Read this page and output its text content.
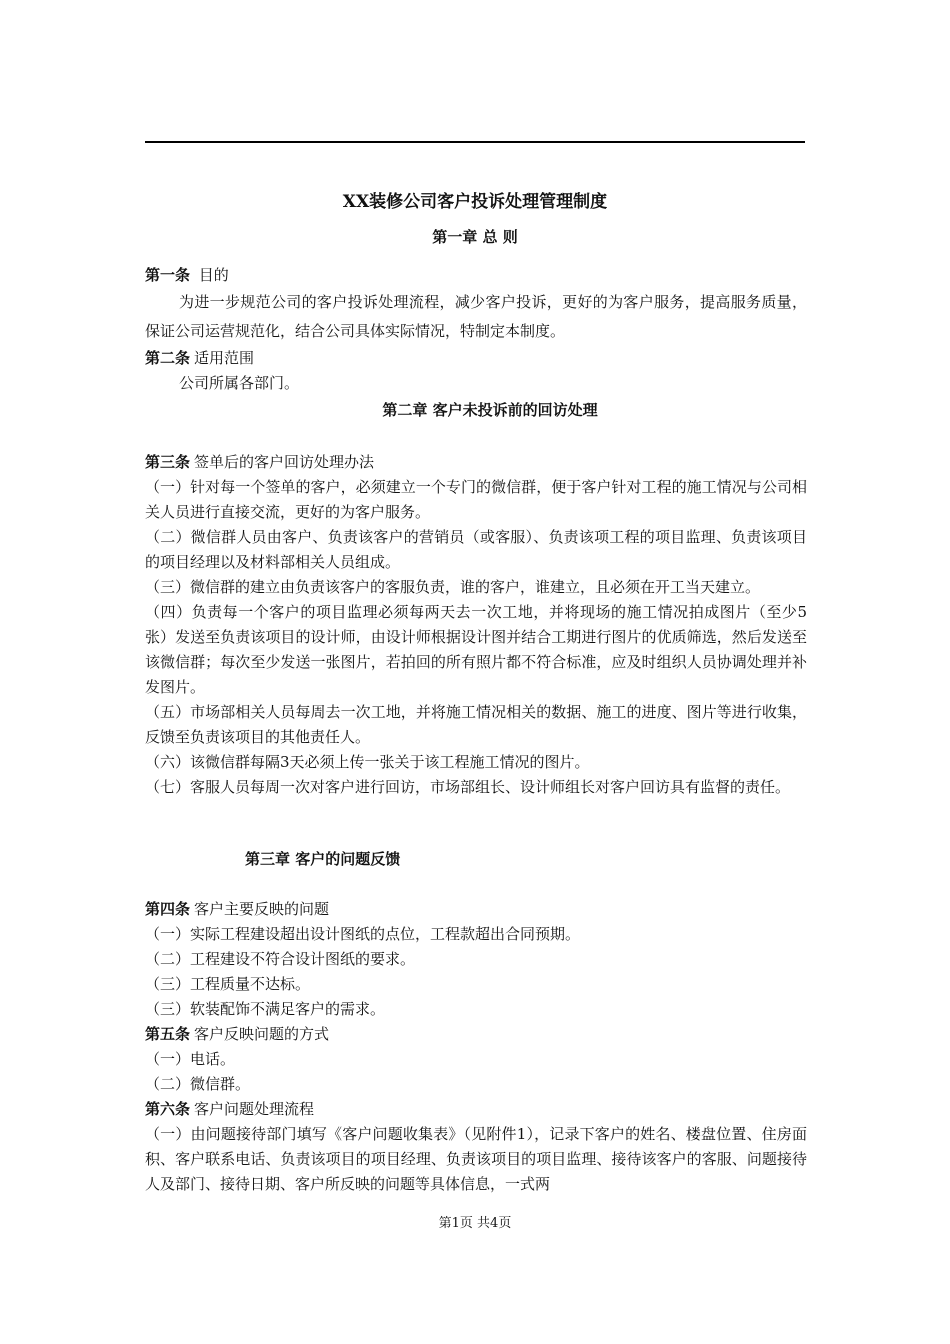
XX装修公司客户投诉处理管理制度
第一章 总 则

第一条 目的

为进一步规范公司的客户投诉处理流程，减少客户投诉，更好的为客户服务，提高服务质量，保证公司运营规范化，结合公司具体实际情况，特制定本制度。

第二条 适用范围

公司所属各部门。

第二章 客户未投诉前的回访处理

第三条 签单后的客户回访处理办法

（一）针对每一个签单的客户，必须建立一个专门的微信群，便于客户针对工程的施工情况与公司相关人员进行直接交流，更好的为客户服务。

（二）微信群人员由客户、负责该客户的营销员（或客服）、负责该项工程的项目监理、负责该项目的项目经理以及材料部相关人员组成。

（三）微信群的建立由负责该客户的客服负责，谁的客户，谁建立，且必须在开工当天建立。

（四）负责每一个客户的项目监理必须每两天去一次工地，并将现场的施工情况拍成图片（至少5张）发送至负责该项目的设计师，由设计师根据设计图并结合工期进行图片的优质筛选，然后发送至该微信群；每次至少发送一张图片，若拍回的所有照片都不符合标准，应及时组织人员协调处理并补发图片。

（五）市场部相关人员每周去一次工地，并将施工情况相关的数据、施工的进度、图片等进行收集，反馈至负责该项目的其他责任人。

（六）该微信群每隔3天必须上传一张关于该工程施工情况的图片。

（七）客服人员每周一次对客户进行回访，市场部组长、设计师组长对客户回访具有监督的责任。

第三章 客户的问题反馈

第四条 客户主要反映的问题

（一）实际工程建设超出设计图纸的点位，工程款超出合同预期。

（二）工程建设不符合设计图纸的要求。

（三）工程质量不达标。

（三）软装配饰不满足客户的需求。

第五条 客户反映问题的方式

（一）电话。

（二）微信群。

第六条 客户问题处理流程

（一）由问题接待部门填写《客户问题收集表》（见附件1），记录下客户的姓名、楼盘位置、住房面积、客户联系电话、负责该项目的项目经理、负责该项目的项目监理、接待该客户的客服、问题接待人及部门、接待日期、客户所反映的问题等具体信息，一式两

第1页 共4页
